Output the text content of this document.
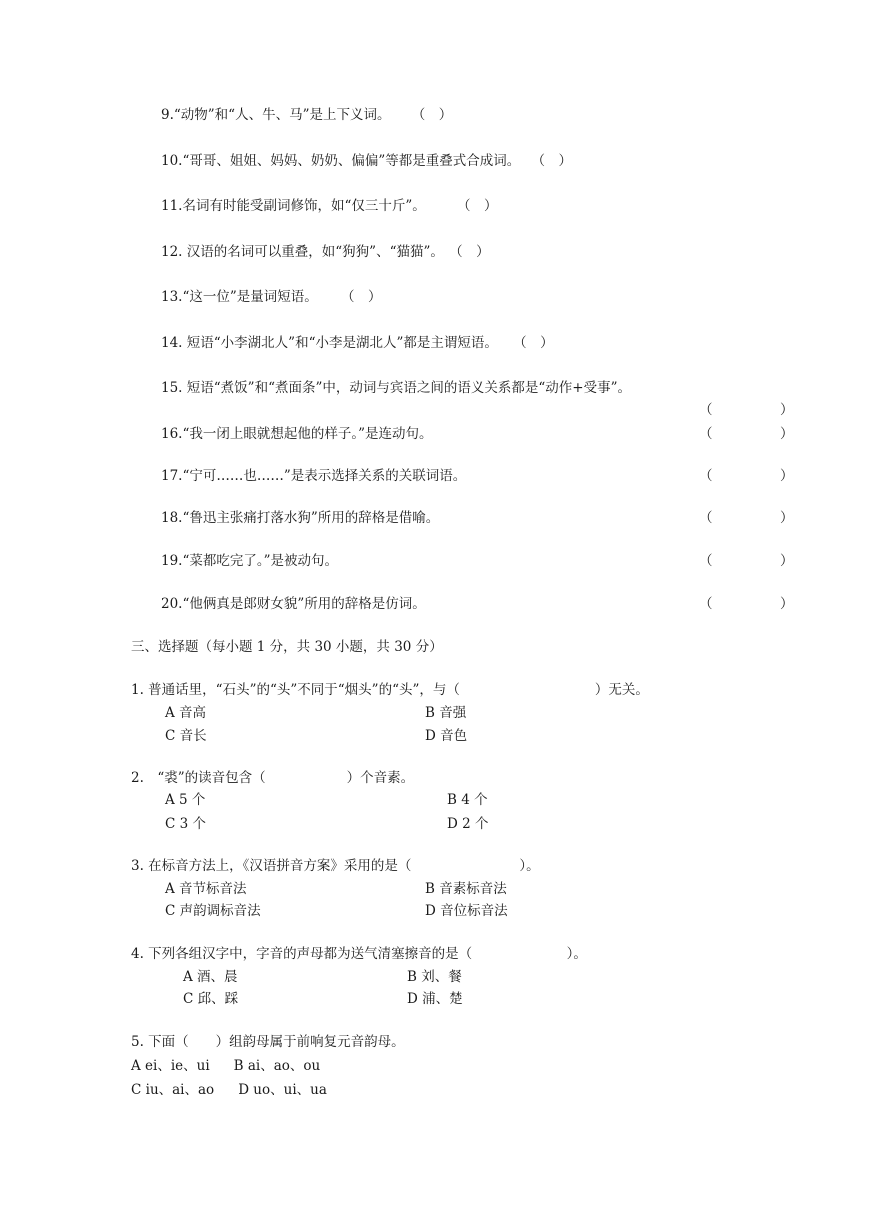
9.“动物”和“人、牛、马”是上下义词。 （　）
10.“哥哥、姐姐、妈妈、奶奶、偏偏”等都是重叠式合成词。 （　）
11.名词有时能受副词修饰，如“仅三十斤”。	（　）
12. 汉语的名词可以重叠，如“狗狗”、“猫猫”。 （　）
13.“这一位”是量词短语。 （　）
14. 短语“小李湖北人”和“小李是湖北人”都是主谓短语。 （　）
15. 短语“煮饭”和“煮面条”中，动词与宾语之间的语义关系都是“动作+受事”。
（　　　　　）
16.“我一闭上眼就想起他的样子。”是连动句。	（　　　　　）
17.“宁可……也……”是表示选择关系的关联词语。	（　　　　　）
18.“鲁迅主张痛打落水狗”所用的辞格是借喻。	（　　　　　）
19.“菜都吃完了。”是被动句。	（　　　　　）
20.“他俩真是郎财女貌”所用的辞格是仿词。	（　　　　　）
三、选择题（每小题 1 分，共 30 小题，共 30 分）
1. 普通话里，“石头”的“头”不同于“烟头”的“头”，与（　　　　　　　　　　）无关。
A 音高	B 音强
C 音长	D 音色
2.　“裘”的读音包含（　　　　　　）个音素。
A 5 个	B 4 个
C 3 个	D 2 个
3. 在标音方法上，《汉语拼音方案》采用的是（　　　　　　　　）。
A 音节标音法	B 音素标音法
C 声韵调标音法	D 音位标音法
4. 下列各组汉字中，字音的声母都为送气清塞擦音的是（　　　　　　　）。
A 酒、晨	B 刘、餐
C 邱、踩	D 浦、楚
5. 下面（　　）组韵母属于前响复元音韵母。
A ei、ie、ui B ai、ao、ou
C iu、ai、ao D uo、ui、ua
